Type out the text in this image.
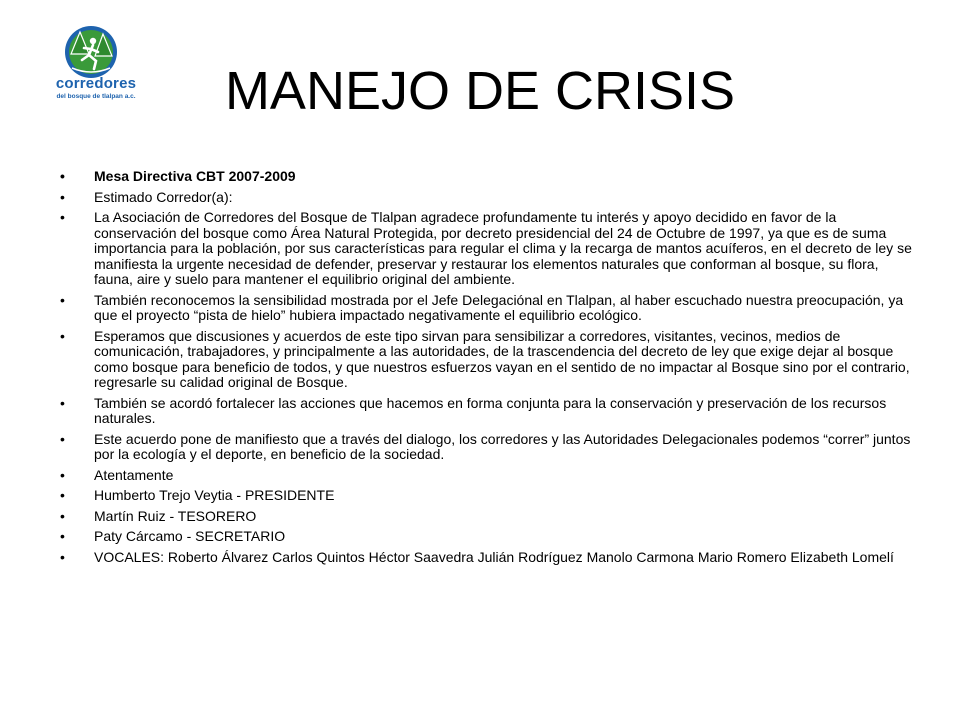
corredores
del bosque de tlalpan a.c.	MANEJO DE CRISIS
• Mesa Directiva CBT 2007-2009
• Estimado Corredor(a):
• La Asociación de Corredores del Bosque de Tlalpan agradece profundamente tu interés y apoyo decidido en favor de la conservación del bosque como Área Natural Protegida, por decreto presidencial del 24 de Octubre de 1997, ya que es de suma importancia para la población, por sus características para regular el clima y la recarga de mantos acuíferos, en el decreto de ley se manifiesta la urgente necesidad de defender, preservar y restaurar los elementos naturales que conforman al bosque, su flora, fauna, aire y suelo para mantener el equilibrio original del ambiente.
• También reconocemos la sensibilidad mostrada por el Jefe Delegaciónal en Tlalpan, al haber escuchado nuestra preocupación, ya que el proyecto “pista de hielo” hubiera impactado negativamente el equilibrio ecológico.
• Esperamos que discusiones y acuerdos de este tipo sirvan para sensibilizar a corredores, visitantes, vecinos, medios de comunicación, trabajadores, y principalmente a las autoridades, de la trascendencia del decreto de ley que exige dejar al bosque como bosque para beneficio de todos, y que nuestros esfuerzos vayan en el sentido de no impactar al Bosque sino por el contrario, regresarle su calidad original de Bosque.
• También se acordó fortalecer las acciones que hacemos en forma conjunta para la conservación y preservación de los recursos naturales.
• Este acuerdo pone de manifiesto que a través del dialogo, los corredores y las Autoridades Delegacionales podemos “correr” juntos por la ecología y el deporte, en beneficio de la sociedad.
• Atentamente
• Humberto Trejo Veytia - PRESIDENTE
• Martín Ruiz - TESORERO
• Paty Cárcamo - SECRETARIO
• VOCALES: Roberto Álvarez Carlos Quintos Héctor Saavedra Julián Rodríguez Manolo Carmona Mario Romero Elizabeth Lomelí
